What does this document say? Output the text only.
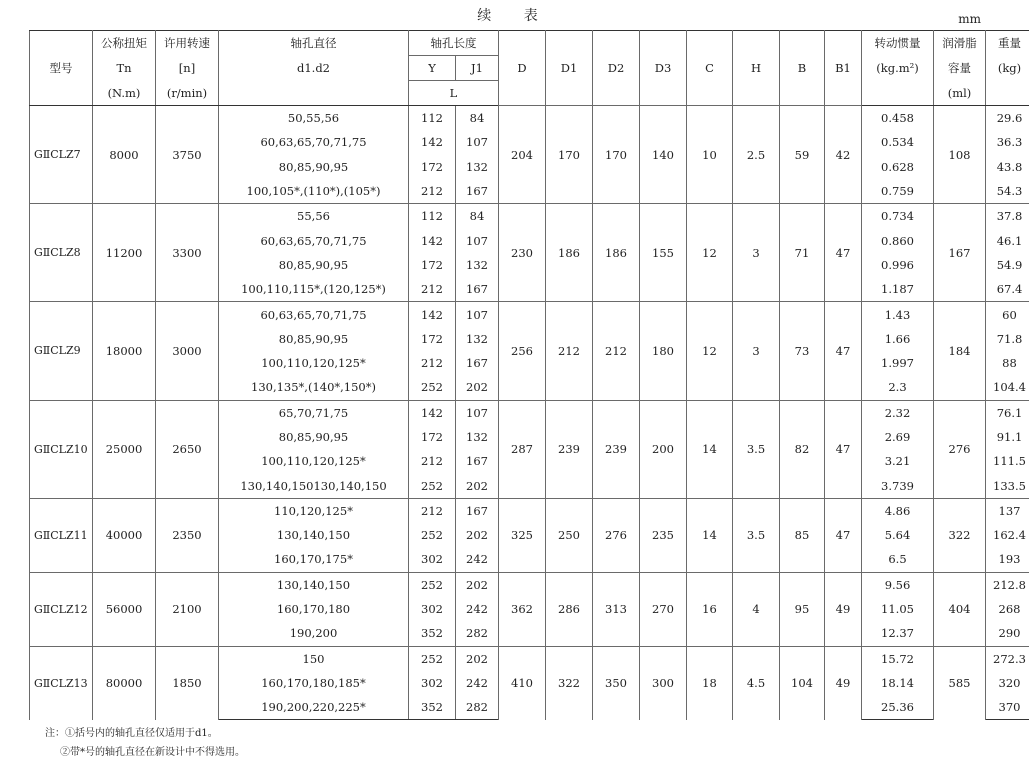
续 表	mm
	公称扭矩	许用转速	轴孔直径	轴孔长度		D	D1	D2	D3	C	H	B	B1	转动惯量	润滑脂	重量
型号	Tn	[n]	d1.d2	Y	J1									(kg.m²)	容量	(kg)
	(N.m)	(r/min)		L											(ml)	
GⅡCLZ7	8000	3750	50,55,56	112	84	204	170	170	140	10	2.5	59	42	0.458	108	29.6
			60,63,65,70,71,75	142	107									0.534		36.3
			80,85,90,95	172	132									0.628		43.8
			100,105*,(110*),(105*)	212	167									0.759		54.3
GⅡCLZ8	11200	3300	55,56	112	84	230	186	186	155	12	3	71	47	0.734	167	37.8
			60,63,65,70,71,75	142	107									0.860		46.1
			80,85,90,95	172	132									0.996		54.9
			100,110,115*,(120,125*)	212	167									1.187		67.4
GⅡCLZ9	18000	3000	60,63,65,70,71,75	142	107	256	212	212	180	12	3	73	47	1.43	184	60
			80,85,90,95	172	132									1.66		71.8
			100,110,120,125*	212	167									1.997		88
			130,135*,(140*,150*)	252	202									2.3		104.4
GⅡCLZ10	25000	2650	65,70,71,75	142	107	287	239	239	200	14	3.5	82	47	2.32	276	76.1
			80,85,90,95	172	132									2.69		91.1
			100,110,120,125*	212	167									3.21		111.5
			130,140,150130,140,150	252	202									3.739		133.5
GⅡCLZ11	40000	2350	110,120,125*	212	167	325	250	276	235	14	3.5	85	47	4.86	322	137
			130,140,150	252	202									5.64		162.4
			160,170,175*	302	242									6.5		193
GⅡCLZ12	56000	2100	130,140,150	252	202	362	286	313	270	16	4	95	49	9.56	404	212.8
			160,170,180	302	242									11.05		268
			190,200	352	282									12.37		290
GⅡCLZ13	80000	1850	150	252	202	410	322	350	300	18	4.5	104	49	15.72	585	272.3
			160,170,180,185*	302	242									18.14		320
			190,200,220,225*	352	282									25.36		370
注：①括号内的轴孔直径仅适用于d1。
②带*号的轴孔直径在新设计中不得选用。
